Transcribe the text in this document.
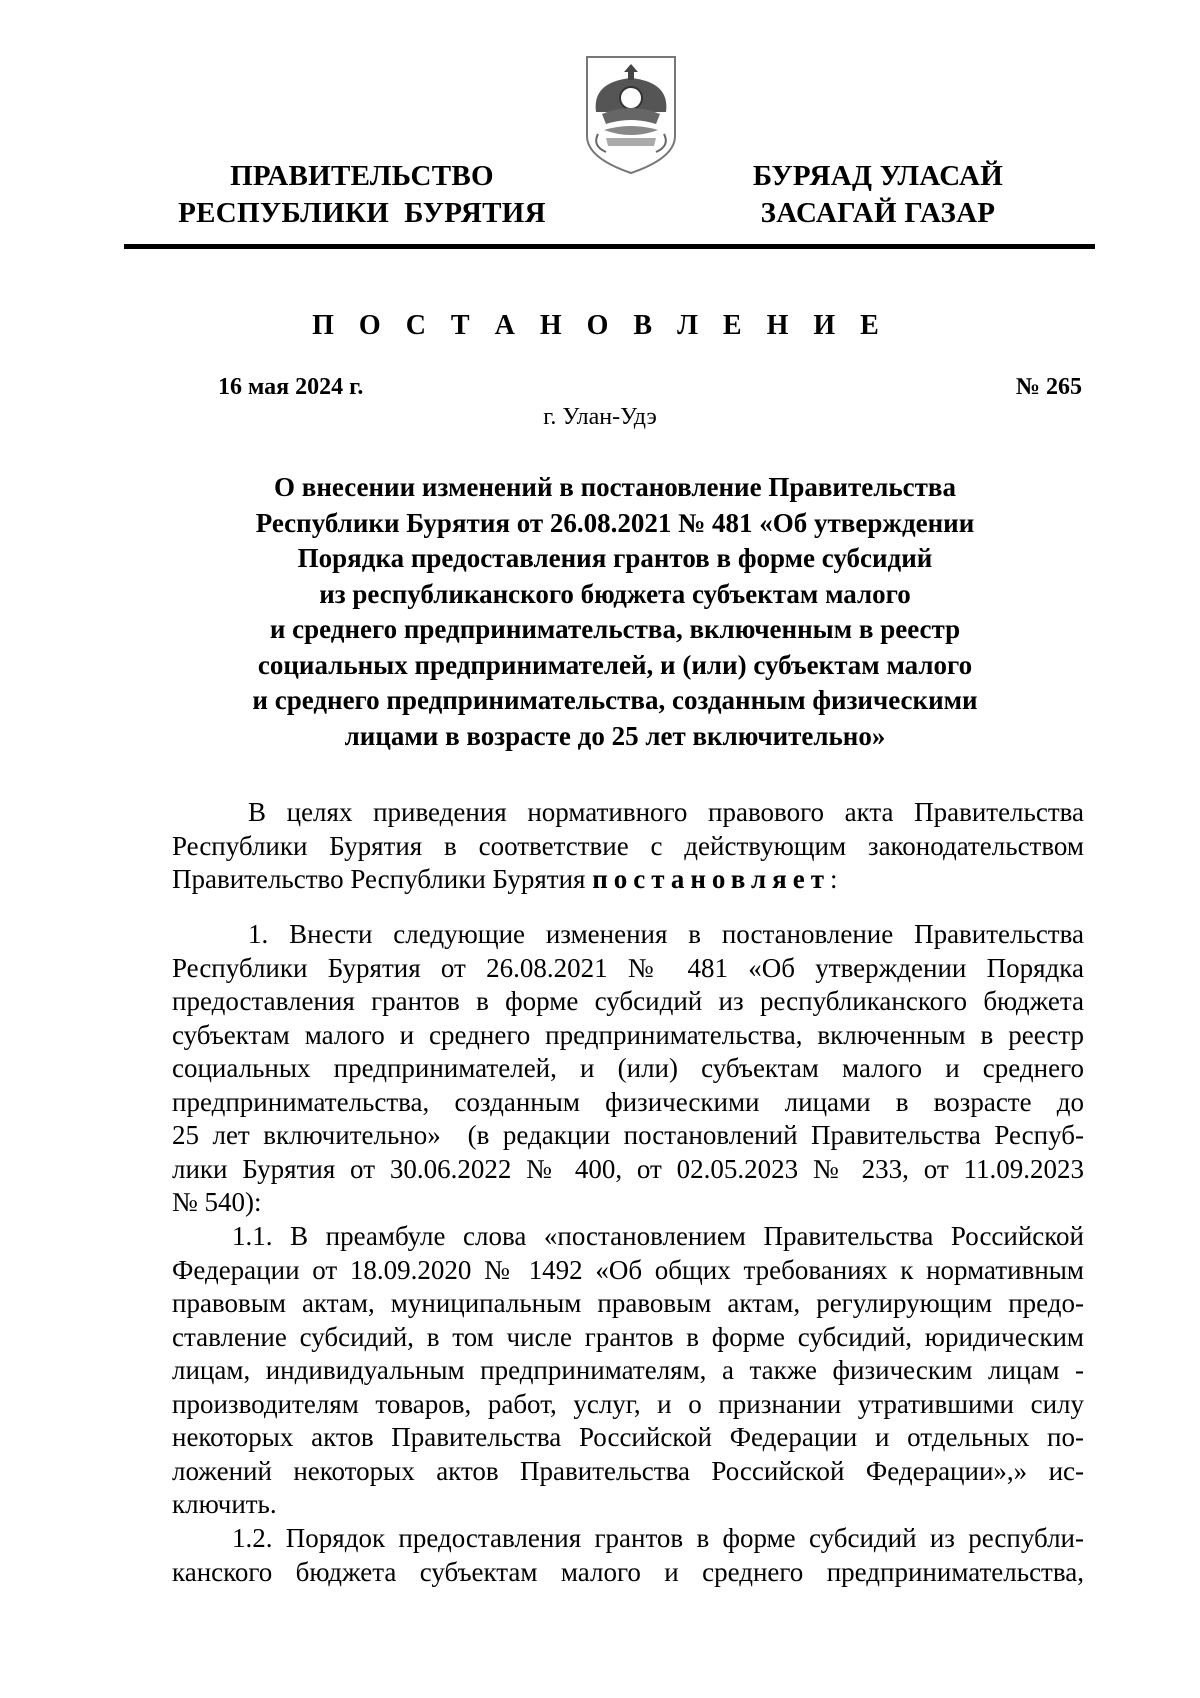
ПРАВИТЕЛЬСТВО
РЕСПУБЛИКИ  БУРЯТИЯ
БУРЯАД УЛАСАЙ
ЗАСАГАЙ ГАЗАР
П О С Т А Н О В Л Е Н И Е
16 мая 2024 г.	№ 265
г. Улан-Удэ
О внесении изменений в постановление Правительства
Республики Бурятия от 26.08.2021 № 481 «Об утверждении
Порядка предоставления грантов в форме субсидий
из республиканского бюджета субъектам малого
и среднего предпринимательства, включенным в реестр
социальных предпринимателей, и (или) субъектам малого
и среднего предпринимательства, созданным физическими
лицами в возрасте до 25 лет включительно»
В целях приведения нормативного правового акта Правительства
Республики Бурятия в соответствие с действующим законодательством
Правительство Республики Бурятия постановляет:
1. Внести следующие изменения в постановление Правительства
Республики Бурятия от 26.08.2021 № 481 «Об утверждении Порядка
предоставления грантов в форме субсидий из республиканского бюджета
субъектам малого и среднего предпринимательства, включенным в реестр
социальных предпринимателей, и (или) субъектам малого и среднего
предпринимательства, созданным физическими лицами в возрасте до
25 лет включительно»  (в редакции постановлений Правительства Респуб-
лики Бурятия от 30.06.2022 № 400, от 02.05.2023 № 233, от 11.09.2023
№ 540):
1.1. В преамбуле слова «постановлением Правительства Российской
Федерации от 18.09.2020 № 1492 «Об общих требованиях к нормативным
правовым актам, муниципальным правовым актам, регулирующим предо-
ставление субсидий, в том числе грантов в форме субсидий, юридическим
лицам, индивидуальным предпринимателям, а также физическим лицам -
производителям товаров, работ, услуг, и о признании утратившими силу
некоторых актов Правительства Российской Федерации и отдельных по-
ложений некоторых актов Правительства Российской Федерации»,» ис-
ключить.
1.2. Порядок предоставления грантов в форме субсидий из республи-
канского бюджета субъектам малого и среднего предпринимательства,
